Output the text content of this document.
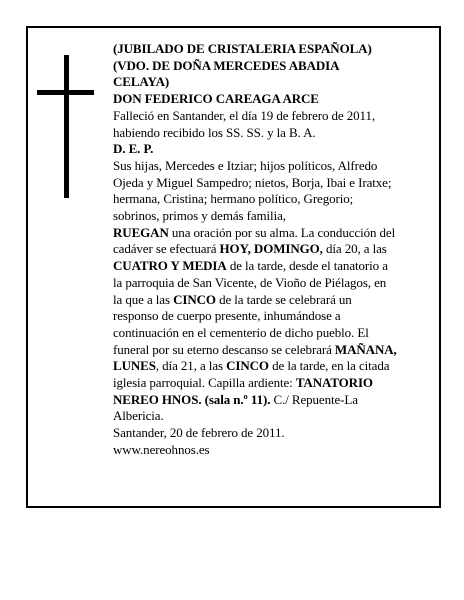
(JUBILADO DE CRISTALERIA ESPAÑOLA)
(VDO. DE DOÑA MERCEDES ABADIA
CELAYA)
DON FEDERICO CAREAGA ARCE
Falleció en Santander, el día 19 de febrero de 2011,
habiendo recibido los SS. SS. y la B. A.
D. E. P.
Sus hijas, Mercedes e Itziar; hijos políticos, Alfredo
Ojeda y Miguel Sampedro; nietos, Borja, Ibai e Iratxe;
hermana, Cristina; hermano político, Gregorio;
sobrinos, primos y demás familia,
RUEGAN una oración por su alma. La conducción del
cadáver se efectuará HOY, DOMINGO, día 20, a las
CUATRO Y MEDIA de la tarde, desde el tanatorio a
la parroquia de San Vicente, de Vioño de Piélagos, en
la que a las CINCO de la tarde se celebrará un
responso de cuerpo presente, inhumándose a
continuación en el cementerio de dicho pueblo. El
funeral por su eterno descanso se celebrará MAÑANA,
LUNES, día 21, a las CINCO de la tarde, en la citada
iglesia parroquial. Capilla ardiente: TANATORIO
NEREO HNOS. (sala n.º 11). C./ Repuente-La
Albericia.
Santander, 20 de febrero de 2011.
www.nereohnos.es
